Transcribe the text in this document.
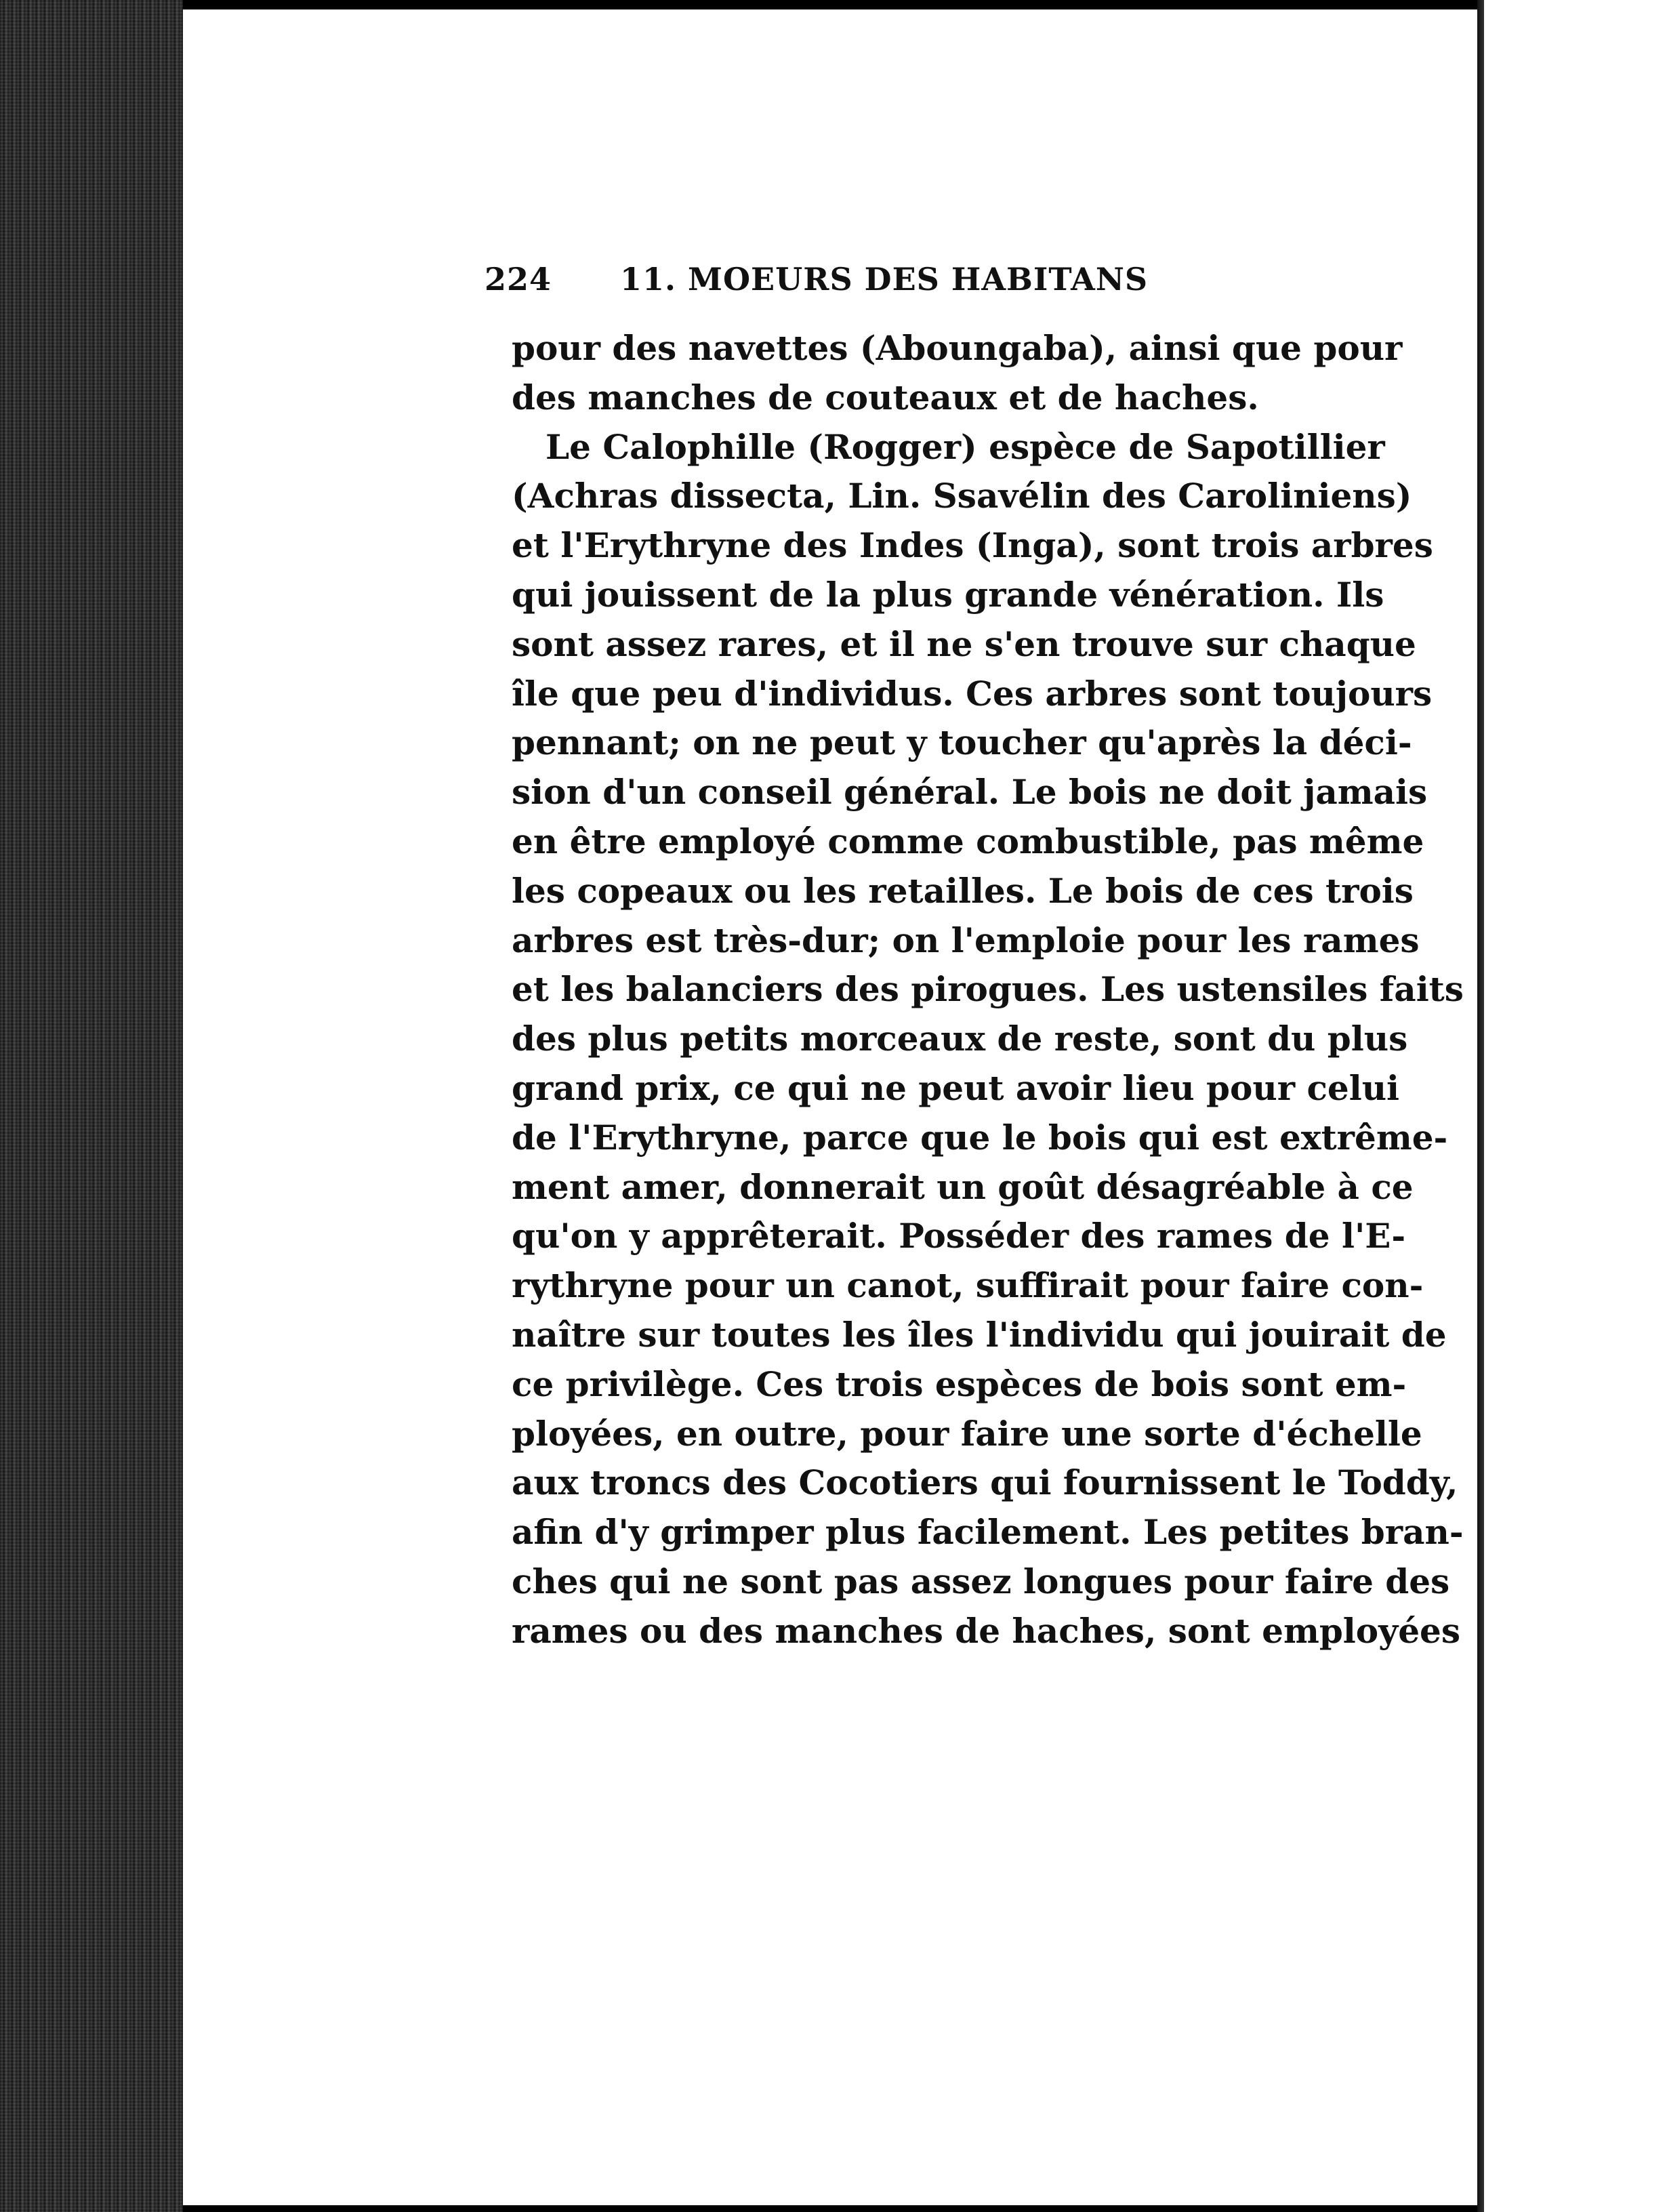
224 11. MOEURS DES HABITANS
pour des navettes (Aboungaba), ainsi que pour
des manches de couteaux et de haches.
Le Calophille (Rogger) espèce de Sapotillier
(Achras dissecta, Lin. Ssavélin des Caroliniens)
et l'Erythryne des Indes (Inga), sont trois arbres
qui jouissent de la plus grande vénération. Ils
sont assez rares, et il ne s'en trouve sur chaque
île que peu d'individus. Ces arbres sont toujours
pennant; on ne peut y toucher qu'après la déci-
sion d'un conseil général. Le bois ne doit jamais
en être employé comme combustible, pas même
les copeaux ou les retailles. Le bois de ces trois
arbres est très-dur; on l'emploie pour les rames
et les balanciers des pirogues. Les ustensiles faits
des plus petits morceaux de reste, sont du plus
grand prix, ce qui ne peut avoir lieu pour celui
de l'Erythryne, parce que le bois qui est extrême-
ment amer, donnerait un goût désagréable à ce
qu'on y apprêterait. Posséder des rames de l'E-
rythryne pour un canot, suffirait pour faire con-
naître sur toutes les îles l'individu qui jouirait de
ce privilège. Ces trois espèces de bois sont em-
ployées, en outre, pour faire une sorte d'échelle
aux troncs des Cocotiers qui fournissent le Toddy,
afin d'y grimper plus facilement. Les petites bran-
ches qui ne sont pas assez longues pour faire des
rames ou des manches de haches, sont employées
